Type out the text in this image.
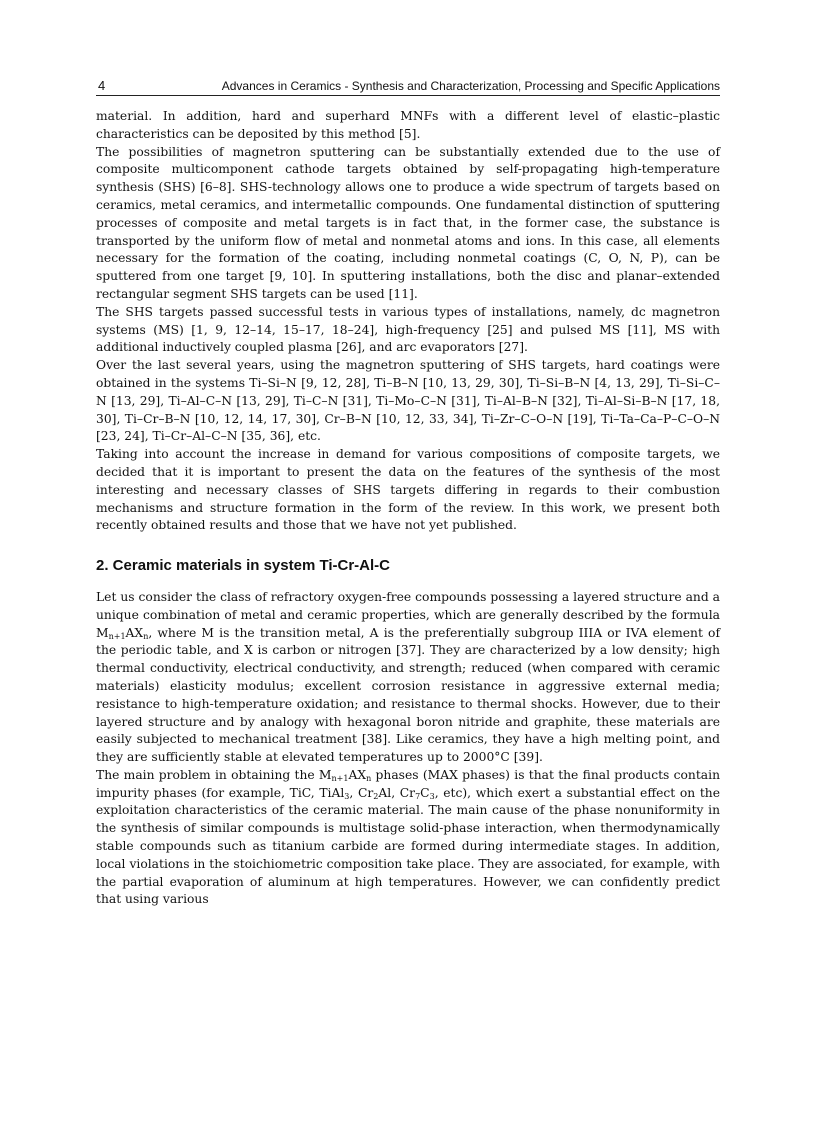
4	Advances in Ceramics - Synthesis and Characterization, Processing and Specific Applications

material. In addition, hard and superhard MNFs with a different level of elastic–plastic characteristics can be deposited by this method [5].

The possibilities of magnetron sputtering can be substantially extended due to the use of composite multicomponent cathode targets obtained by self-propagating high-temperature synthesis (SHS) [6–8]. SHS-technology allows one to produce a wide spectrum of targets based on ceramics, metal ceramics, and intermetallic compounds. One fundamental distinction of sputtering processes of composite and metal targets is in fact that, in the former case, the substance is transported by the uniform flow of metal and nonmetal atoms and ions. In this case, all elements necessary for the formation of the coating, including nonmetal coatings (C, O, N, P), can be sputtered from one target [9, 10]. In sputtering installations, both the disc and planar–extended rectangular segment SHS targets can be used [11].

The SHS targets passed successful tests in various types of installations, namely, dc magnetron systems (MS) [1, 9, 12–14, 15–17, 18–24], high-frequency [25] and pulsed MS [11], MS with additional inductively coupled plasma [26], and arc evaporators [27].

Over the last several years, using the magnetron sputtering of SHS targets, hard coatings were obtained in the systems Ti–Si–N [9, 12, 28], Ti–B–N [10, 13, 29, 30], Ti–Si–B–N [4, 13, 29], Ti–Si–C–N [13, 29], Ti–Al–C–N [13, 29], Ti–C–N [31], Ti–Mo–C–N [31], Ti–Al–B–N [32], Ti–Al–Si–B–N [17, 18, 30], Ti–Cr–B–N [10, 12, 14, 17, 30], Cr–B–N [10, 12, 33, 34], Ti–Zr–C–O–N [19], Ti–Ta–Ca–P–C–O–N [23, 24], Ti–Cr–Al–C–N [35, 36], etc.

Taking into account the increase in demand for various compositions of composite targets, we decided that it is important to present the data on the features of the synthesis of the most interesting and necessary classes of SHS targets differing in regards to their combustion mechanisms and structure formation in the form of the review. In this work, we present both recently obtained results and those that we have not yet published.

2. Ceramic materials in system Ti-Cr-Al-C

Let us consider the class of refractory oxygen-free compounds possessing a layered structure and a unique combination of metal and ceramic properties, which are generally described by the formula $M_{n+1}AX_n$, where M is the transition metal, A is the preferentially subgroup IIIA or IVA element of the periodic table, and X is carbon or nitrogen [37]. They are characterized by a low density; high thermal conductivity, electrical conductivity, and strength; reduced (when compared with ceramic materials) elasticity modulus; excellent corrosion resistance in aggressive external media; resistance to high-temperature oxidation; and resistance to thermal shocks. However, due to their layered structure and by analogy with hexagonal boron nitride and graphite, these materials are easily subjected to mechanical treatment [38]. Like ceramics, they have a high melting point, and they are sufficiently stable at elevated temperatures up to 2000°C [39].

The main problem in obtaining the $M_{n+1}AX_n$ phases (MAX phases) is that the final products contain impurity phases (for example, TiC, TiAl$_3$, $Cr_2Al$, $Cr_7C_3$, etc), which exert a substantial effect on the exploitation characteristics of the ceramic material. The main cause of the phase nonuniformity in the synthesis of similar compounds is multistage solid-phase interaction, when thermodynamically stable compounds such as titanium carbide are formed during intermediate stages. In addition, local violations in the stoichiometric composition take place. They are associated, for example, with the partial evaporation of aluminum at high temperatures. However, we can confidently predict that using various
